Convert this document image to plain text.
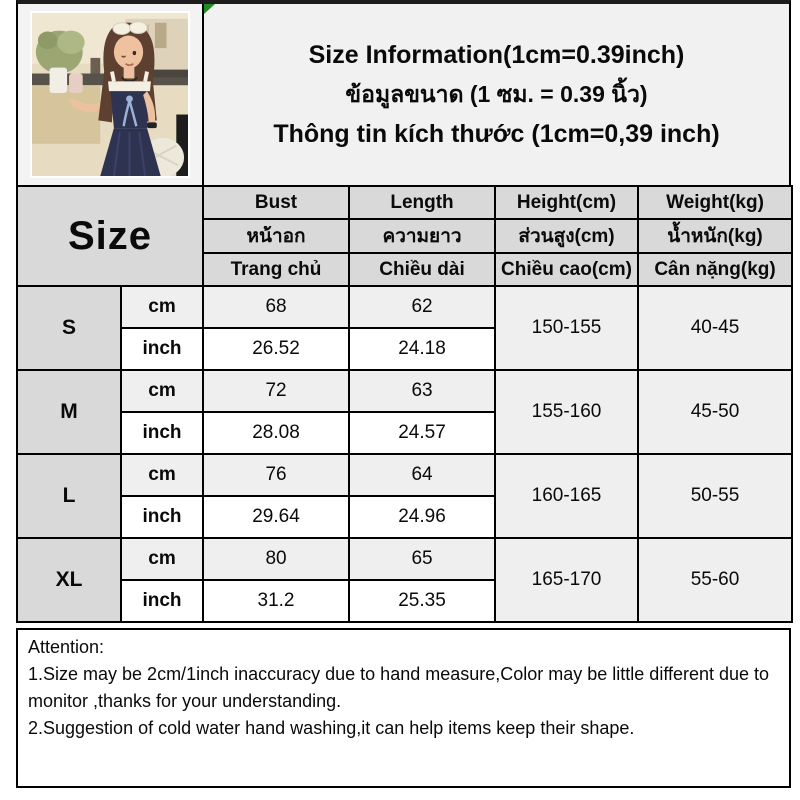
Size Information(1cm=0.39inch)
ข้อมูลขนาด (1 ซม. = 0.39 นิ้ว)
Thông tin kích thước (1cm=0,39 inch)
Size		Bust	Length	Height(cm)	Weight(kg)
		หน้าอก	ความยาว	ส่วนสูง(cm)	น้ำหนัก(kg)
		Trang chủ	Chiều dài	Chiều cao(cm)	Cân nặng(kg)
S	cm	68	62	150-155	40-45
	inch	26.52	24.18		
M	cm	72	63	155-160	45-50
	inch	28.08	24.57		
L	cm	76	64	160-165	50-55
	inch	29.64	24.96		
XL	cm	80	65	165-170	55-60
	inch	31.2	25.35		
Attention:
1.Size may be 2cm/1inch inaccuracy due to hand measure,Color may be little different due to monitor ,thanks for your understanding.
2.Suggestion of cold water hand washing,it can help items keep their shape.
